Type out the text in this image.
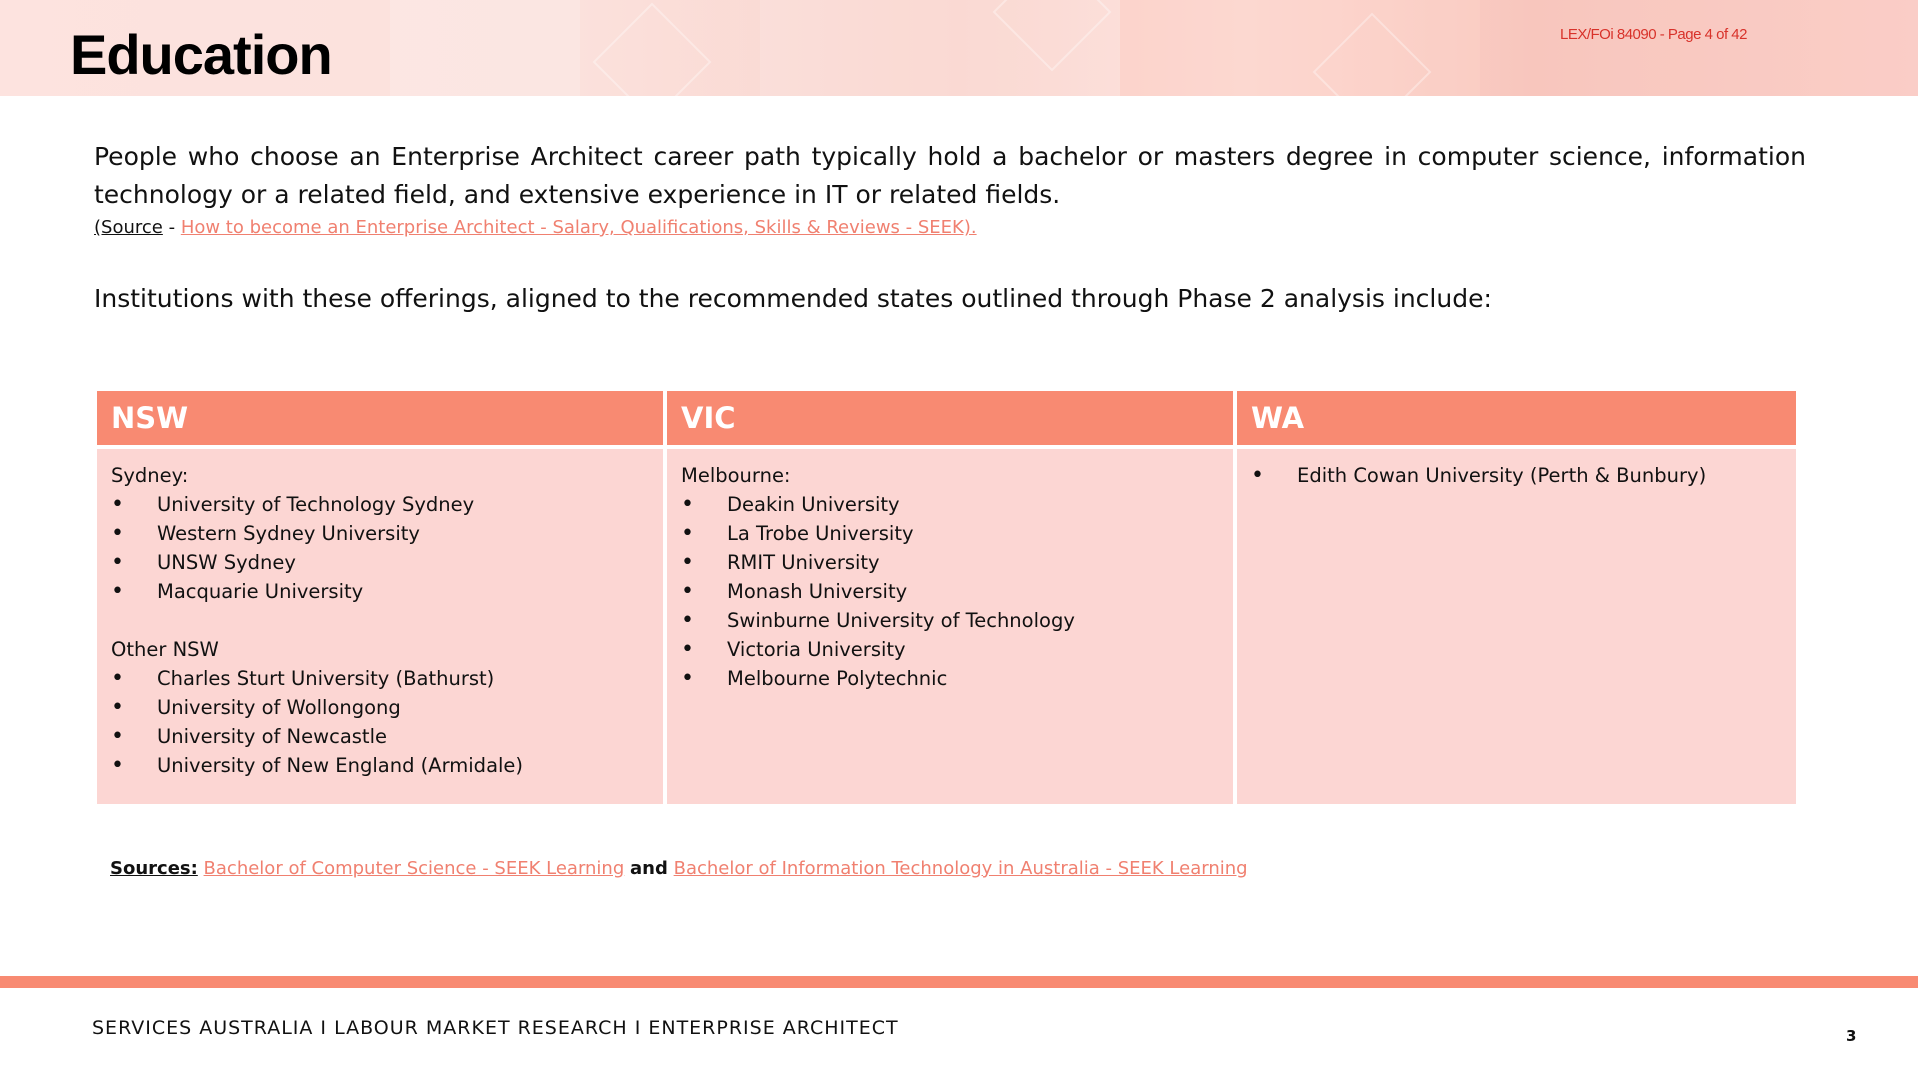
Education	LEX/FOi 84090 - Page 4 of 42

People who choose an Enterprise Architect career path typically hold a bachelor or masters degree in computer science, information technology or a related field, and extensive experience in IT or related fields.

(Source - How to become an Enterprise Architect - Salary, Qualifications, Skills & Reviews - SEEK).

Institutions with these offerings, aligned to the recommended states outlined through Phase 2 analysis include:

NSW

Sydney:

• University of Technology Sydney
• Western Sydney University
• UNSW Sydney
• Macquarie University

Other NSW

• Charles Sturt University (Bathurst)
• University of Wollongong
• University of Newcastle
• University of New England (Armidale)
VIC

Melbourne:

• Deakin University
• La Trobe University
• RMIT University
• Monash University
• Swinburne University of Technology
• Victoria University
• Melbourne Polytechnic
WA
• Edith Cowan University (Perth & Bunbury)
Sources: Bachelor of Computer Science - SEEK Learning and Bachelor of Information Technology in Australia - SEEK Learning
SERVICES AUSTRALIA I LABOUR MARKET RESEARCH I ENTERPRISE ARCHITECT	3
